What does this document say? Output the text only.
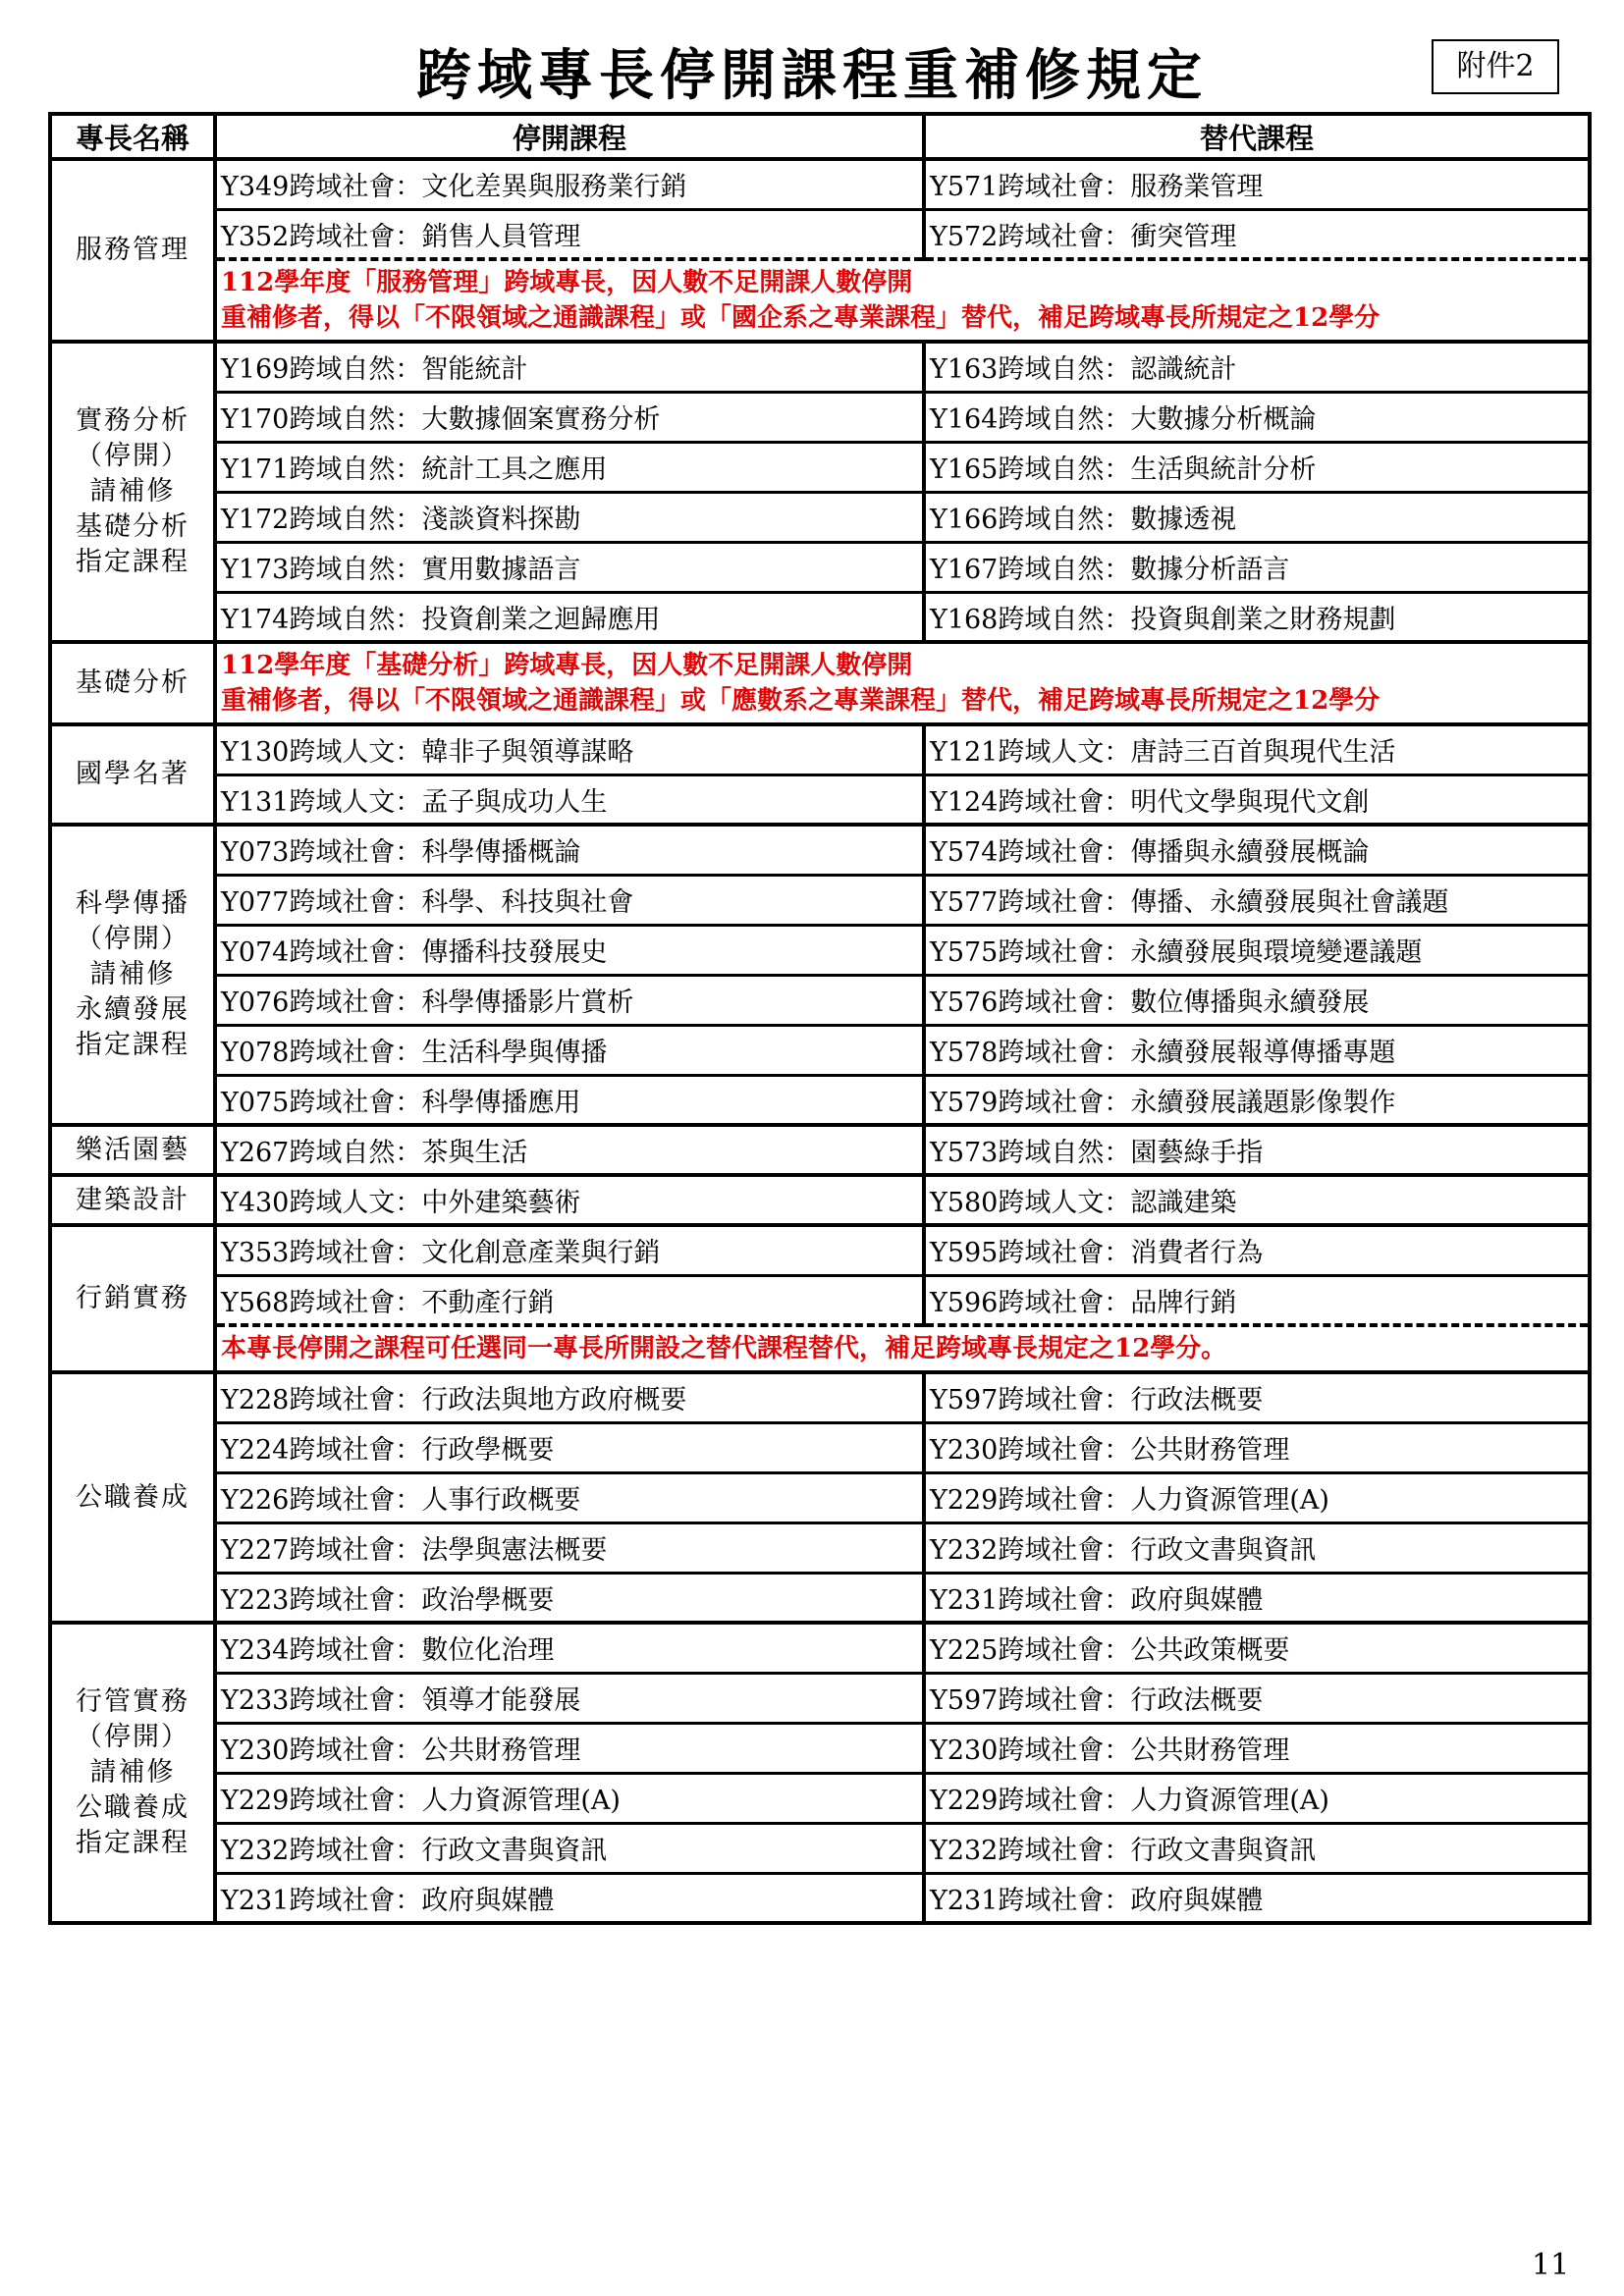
跨域專長停開課程重補修規定	附件2
專長名稱	停開課程	替代課程
服務管理	Y349跨域社會：文化差異與服務業行銷	Y571跨域社會：服務業管理
	Y352跨域社會：銷售人員管理	Y572跨域社會：衝突管理

	112學年度「服務管理」跨域專長，因人數不足開課人數停開
重補修者，得以「不限領域之通識課程」或「國企系之專業課程」替代，補足跨域專長所規定之12學分	

實務分析
（停開）
請補修
基礎分析
指定課程	Y169跨域自然：智能統計	Y163跨域自然：認識統計
	Y170跨域自然：大數據個案實務分析	Y164跨域自然：大數據分析概論
	Y171跨域自然：統計工具之應用	Y165跨域自然：生活與統計分析
	Y172跨域自然：淺談資料探勘	Y166跨域自然：數據透視
	Y173跨域自然：實用數據語言	Y167跨域自然：數據分析語言
	Y174跨域自然：投資創業之迴歸應用	Y168跨域自然：投資與創業之財務規劃
基礎分析	112學年度「基礎分析」跨域專長，因人數不足開課人數停開
重補修者，得以「不限領域之通識課程」或「應數系之專業課程」替代，補足跨域專長所規定之12學分	

國學名著	Y130跨域人文：韓非子與領導謀略	Y121跨域人文：唐詩三百首與現代生活
	Y131跨域人文：孟子與成功人生	Y124跨域社會：明代文學與現代文創
科學傳播
（停開）
請補修
永續發展
指定課程	Y073跨域社會：科學傳播概論	Y574跨域社會：傳播與永續發展概論
	Y077跨域社會：科學、科技與社會	Y577跨域社會：傳播、永續發展與社會議題
	Y074跨域社會：傳播科技發展史	Y575跨域社會：永續發展與環境變遷議題
	Y076跨域社會：科學傳播影片賞析	Y576跨域社會：數位傳播與永續發展
	Y078跨域社會：生活科學與傳播	Y578跨域社會：永續發展報導傳播專題
	Y075跨域社會：科學傳播應用	Y579跨域社會：永續發展議題影像製作
樂活園藝	Y267跨域自然：茶與生活	Y573跨域自然：園藝綠手指
建築設計	Y430跨域人文：中外建築藝術	Y580跨域人文：認識建築
行銷實務	Y353跨域社會：文化創意產業與行銷	Y595跨域社會：消費者行為
	Y568跨域社會：不動產行銷	Y596跨域社會：品牌行銷

	本專長停開之課程可任選同一專長所開設之替代課程替代，補足跨域專長規定之12學分。	

公職養成	Y228跨域社會：行政法與地方政府概要	Y597跨域社會：行政法概要
	Y224跨域社會：行政學概要	Y230跨域社會：公共財務管理
	Y226跨域社會：人事行政概要	Y229跨域社會：人力資源管理(A)
	Y227跨域社會：法學與憲法概要	Y232跨域社會：行政文書與資訊
	Y223跨域社會：政治學概要	Y231跨域社會：政府與媒體
行管實務
（停開）
請補修
公職養成
指定課程	Y234跨域社會：數位化治理	Y225跨域社會：公共政策概要
	Y233跨域社會：領導才能發展	Y597跨域社會：行政法概要
	Y230跨域社會：公共財務管理	Y230跨域社會：公共財務管理
	Y229跨域社會：人力資源管理(A)	Y229跨域社會：人力資源管理(A)
	Y232跨域社會：行政文書與資訊	Y232跨域社會：行政文書與資訊
	Y231跨域社會：政府與媒體	Y231跨域社會：政府與媒體
11
